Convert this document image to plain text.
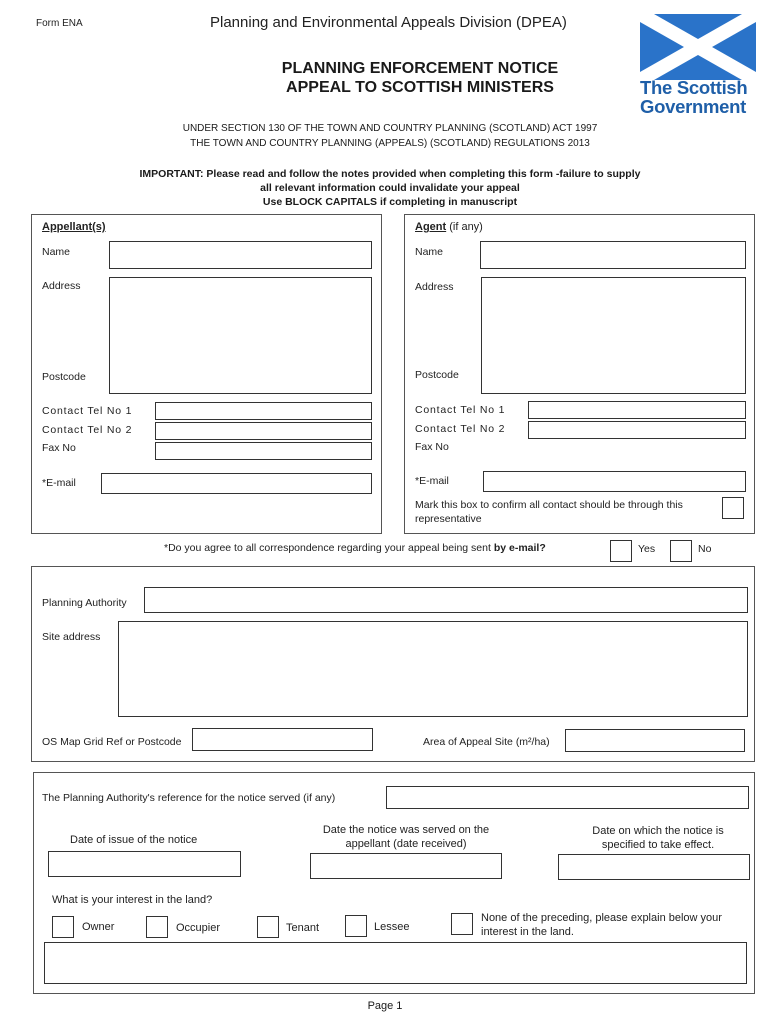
Form ENA	Planning and Environmental Appeals Division (DPEA)
The Scottish
Government
PLANNING ENFORCEMENT NOTICE
APPEAL TO SCOTTISH MINISTERS
UNDER SECTION 130 OF THE TOWN AND COUNTRY PLANNING (SCOTLAND) ACT 1997
THE TOWN AND COUNTRY PLANNING (APPEALS) (SCOTLAND) REGULATIONS 2013
IMPORTANT: Please read and follow the notes provided when completing this form -failure to supply
all relevant information could invalidate your appeal
Use BLOCK CAPITALS if completing in manuscript
Appellant(s)
Name
Address
Postcode
Contact Tel No 1
Contact Tel No 2
Fax No
*E-mail
Agent (if any)
Name
Address
Postcode
Contact Tel No 1
Contact Tel No 2
Fax No
*E-mail
Mark this box to confirm all contact should be through this representative
*Do you agree to all correspondence regarding your appeal being sent by e-mail?	Yes	No
Planning Authority
Site address
OS Map Grid Ref or Postcode	Area of Appeal Site (m²/ha)
The Planning Authority's reference for the notice served (if any)
Date of issue of the notice
Date the notice was served on the appellant (date received)
Date on which the notice is specified to take effect.
What is your interest in the land?
Owner	Occupier	Tenant	Lessee
None of the preceding, please explain below your interest in the land.
Page 1
